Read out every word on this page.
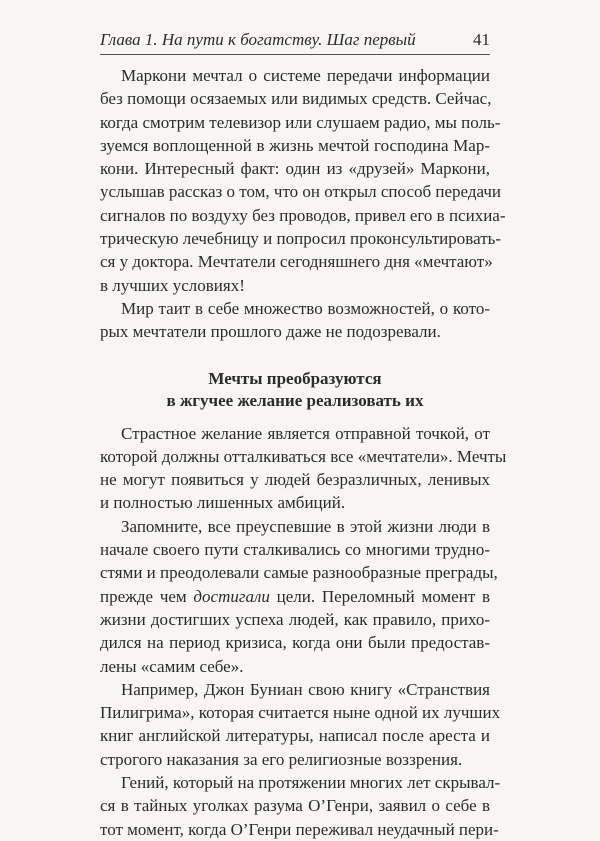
Глава 1. На пути к богатству. Шаг первый	41

Маркони мечтал о системе передачи информации
без помощи осязаемых или видимых средств. Сейчас,
когда смотрим телевизор или слушаем радио, мы поль-
зуемся воплощенной в жизнь мечтой господина Мар-
кони. Интересный факт: один из «друзей» Маркони,
услышав рассказ о том, что он открыл способ передачи
сигналов по воздуху без проводов, привел его в психиа-
трическую лечебницу и попросил проконсультировать-
ся у доктора. Мечтатели сегодняшнего дня «мечтают»
в лучших условиях!

Мир таит в себе множество возможностей, о кото-
рых мечтатели прошлого даже не подозревали.

Мечты преобразуются
в жгучее желание реализовать их

Страстное желание является отправной точкой, от
которой должны отталкиваться все «мечтатели». Мечты
не могут появиться у людей безразличных, ленивых
и полностью лишенных амбиций.

Запомните, все преуспевшие в этой жизни люди в
начале своего пути сталкивались со многими трудно-
стями и преодолевали самые разнообразные преграды,
прежде чем достигали цели. Переломный момент в
жизни достигших успеха людей, как правило, прихо-
дился на период кризиса, когда они были предостав-
лены «самим себе».

Например, Джон Буниан свою книгу «Странствия
Пилигрима», которая считается ныне одной их лучших
книг английской литературы, написал после ареста и
строгого наказания за его религиозные воззрения.

Гений, который на протяжении многих лет скрывал-
ся в тайных уголках разума О’Генри, заявил о себе в
тот момент, когда О’Генри переживал неудачный пери-
